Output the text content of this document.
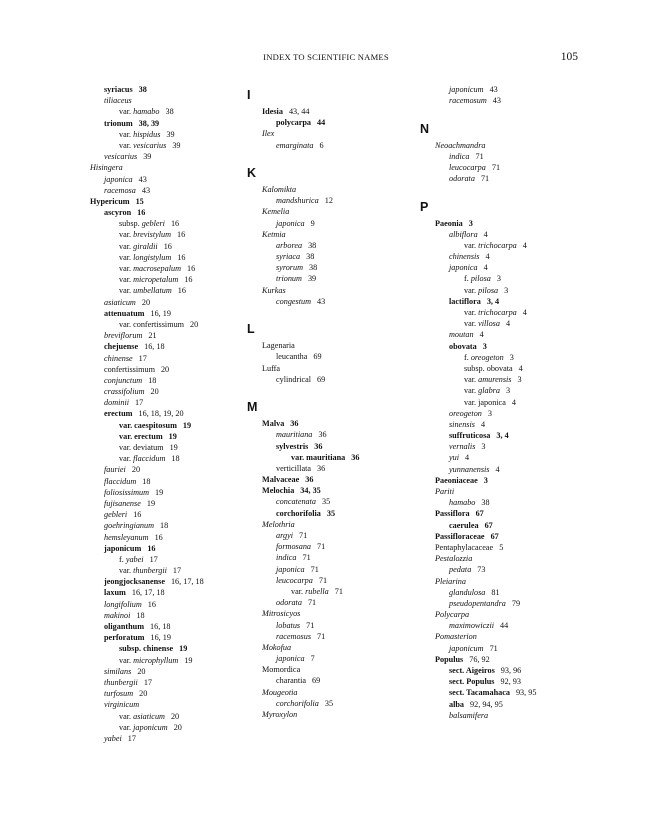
INDEX TO SCIENTIFIC NAMES	105
syriacus 38
tiliaceus
var. hamabo 38
trionum 38, 39
var. hispidus 39
var. vesicarius 39
vesicarius 39
Hisingera
japonica 43
racemosa 43
Hypericum 15
ascyron 16
subsp. gebleri 16
var. brevistylum 16
var. giraldii 16
var. longistylum 16
var. macrosepalum 16
var. micropetalum 16
var. umbellatum 16
asiaticum 20
attenuatum 16, 19
var. confertissimum 20
breviflorum 21
chejuense 16, 18
chinense 17
confertissimum 20
conjunctum 18
crassifolium 20
dominii 17
erectum 16, 18, 19, 20
var. caespitosum 19
var. erectum 19
var. deviatum 19
var. flaccidum 18
fauriei 20
flaccidum 18
foliosissimum 19
fujisanense 19
gebleri 16
goehringianum 18
hemsleyanum 16
japonicum 16
f. yabei 17
var. thunbergii 17
jeongjocksanense 16, 17, 18
laxum 16, 17, 18
longifolium 16
makinoi 18
oliganthum 16, 18
perforatum 16, 19
subsp. chinense 19
var. microphyllum 19
similans 20
thunbergii 17
turfosum 20
virginicum
var. asiaticum 20
var. japonicum 20
yabei 17
I
Idesia 43, 44
polycarpa 44
Ilex
emarginata 6
K
Kalomikta
mandshurica 12
Kemelia
japonica 9
Ketmia
arborea 38
syriaca 38
syrorum 38
trionum 39
Kurkas
congestum 43
L
Lagenaria
leucantha 69
Luffa
cylindrical 69
M
Malva 36
mauritiana 36
sylvestris 36
var. mauritiana 36
verticillata 36
Malvaceae 36
Melochia 34, 35
concatenata 35
corchorifolia 35
Melothria
argyi 71
formosana 71
indica 71
japonica 71
leucocarpa 71
var. rubella 71
odorata 71
Mitrosicyos
lobatus 71
racemosus 71
Mokofua
japonica 7
Momordica
charantia 69
Mougeotia
corchorifolia 35
Myroxylon
japonicum 43
racemosum 43
N
Neoachmandra
indica 71
leucocarpa 71
odorata 71
P
Paeonia 3
albiflora 4
var. trichocarpa 4
chinensis 4
japonica 4
f. pilosa 3
var. pilosa 3
lactiflora 3, 4
var. trichocarpa 4
var. villosa 4
moutan 4
obovata 3
f. oreogeton 3
subsp. obovata 4
var. amurensis 3
var. glabra 3
var. japonica 4
oreogeton 3
sinensis 4
suffruticosa 3, 4
vernalis 3
yui 4
yunnanensis 4
Paeoniaceae 3
Pariti
hamabo 38
Passiflora 67
caerulea 67
Passifloraceae 67
Pentaphylacaceae 5
Pestalozzia
pedata 73
Pleiarina
glandulosa 81
pseudopentandra 79
Polycarpa
maximowiczii 44
Pomasterion
japonicum 71
Populus 76, 92
sect. Aigeiros 93, 96
sect. Populus 92, 93
sect. Tacamahaca 93, 95
alba 92, 94, 95
balsamifera
